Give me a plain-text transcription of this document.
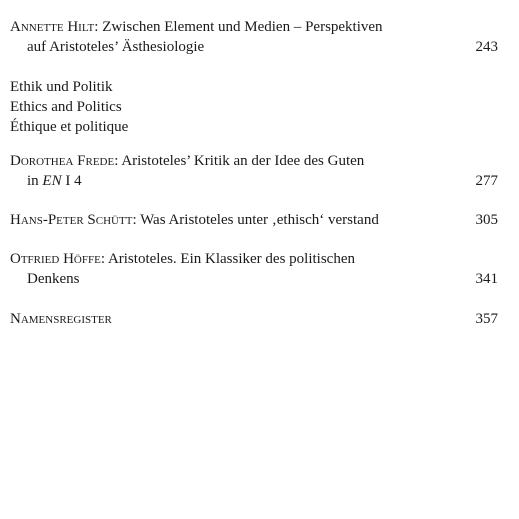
Annette Hilt: Zwischen Element und Medien – Perspektiven
auf Aristoteles’ Ästhesiologie	243
Ethik und Politik
Ethics and Politics
Éthique et politique
Dorothea Frede: Aristoteles’ Kritik an der Idee des Guten
in EN I 4	277
Hans-Peter Schütt: Was Aristoteles unter ‚ethisch‘ verstand	305
Otfried Höffe: Aristoteles. Ein Klassiker des politischen
Denkens	341
Namensregister	357
